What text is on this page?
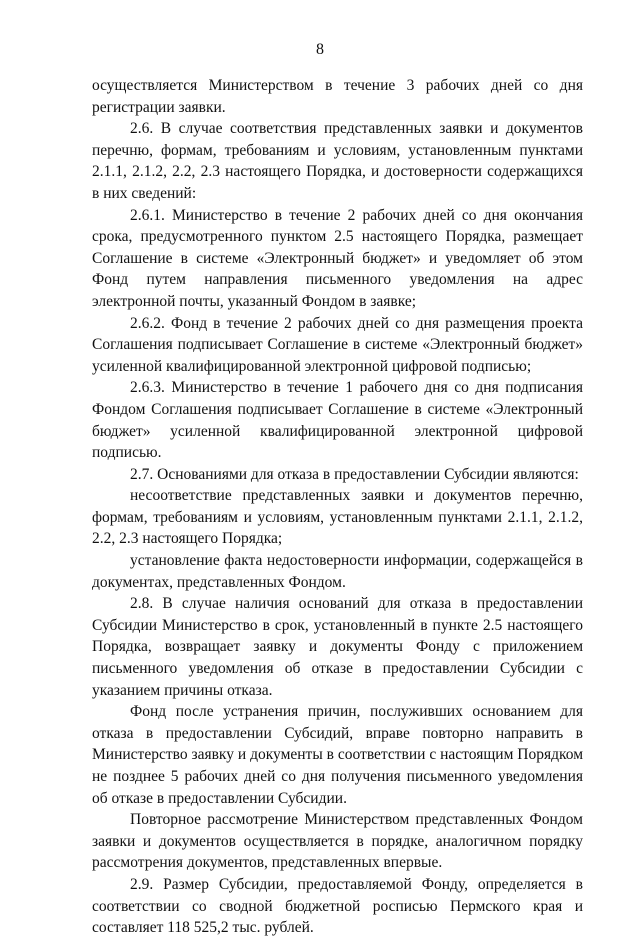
8

осуществляется Министерством в течение 3 рабочих дней со дня регистрации заявки.

2.6. В случае соответствия представленных заявки и документов перечню, формам, требованиям и условиям, установленным пунктами 2.1.1, 2.1.2, 2.2, 2.3 настоящего Порядка, и достоверности содержащихся в них сведений:

2.6.1. Министерство в течение 2 рабочих дней со дня окончания срока, предусмотренного пунктом 2.5 настоящего Порядка, размещает Соглашение в системе «Электронный бюджет» и уведомляет об этом Фонд путем направления письменного уведомления на адрес электронной почты, указанный Фондом в заявке;

2.6.2. Фонд в течение 2 рабочих дней со дня размещения проекта Соглашения подписывает Соглашение в системе «Электронный бюджет» усиленной квалифицированной электронной цифровой подписью;

2.6.3. Министерство в течение 1 рабочего дня со дня подписания Фондом Соглашения подписывает Соглашение в системе «Электронный бюджет» усиленной квалифицированной электронной цифровой подписью.

2.7. Основаниями для отказа в предоставлении Субсидии являются:

несоответствие представленных заявки и документов перечню, формам, требованиям и условиям, установленным пунктами 2.1.1, 2.1.2, 2.2, 2.3 настоящего Порядка;

установление факта недостоверности информации, содержащейся в документах, представленных Фондом.

2.8. В случае наличия оснований для отказа в предоставлении Субсидии Министерство в срок, установленный в пункте 2.5 настоящего Порядка, возвращает заявку и документы Фонду с приложением письменного уведомления об отказе в предоставлении Субсидии с указанием причины отказа.

Фонд после устранения причин, послуживших основанием для отказа в предоставлении Субсидий, вправе повторно направить в Министерство заявку и документы в соответствии с настоящим Порядком не позднее 5 рабочих дней со дня получения письменного уведомления об отказе в предоставлении Субсидии.

Повторное рассмотрение Министерством представленных Фондом заявки и документов осуществляется в порядке, аналогичном порядку рассмотрения документов, представленных впервые.

2.9. Размер Субсидии, предоставляемой Фонду, определяется в соответствии со сводной бюджетной росписью Пермского края и составляет 118 525,2 тыс. рублей.
